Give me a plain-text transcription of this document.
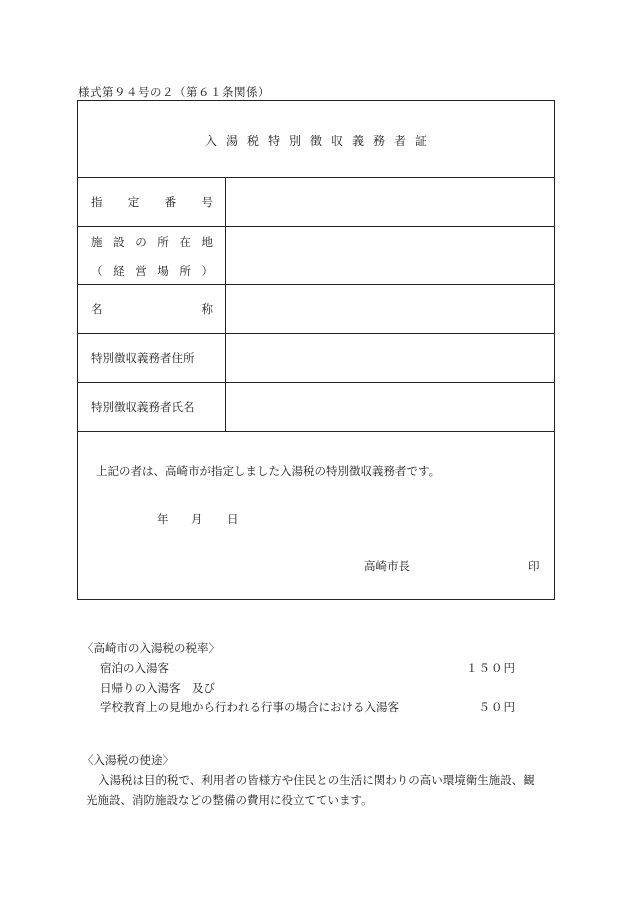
様式第９４号の２（第６１条関係）
入湯税特別徴収義務者証
指 定 番 号
施 設 の 所 在 地
（ 経 営 場 所 ）
名	称
特別徴収義務者住所
特別徴収義務者氏名
上記の者は、高崎市が指定しました入湯税の特別徴収義務者です。
年 月 日
高崎市長	印
〈高崎市の入湯税の税率〉
宿泊の入湯客	１５０円
日帰りの入湯客　及び
学校教育上の見地から行われる行事の場合における入湯客	５０円
〈入湯税の使途〉
入湯税は目的税で、利用者の皆様方や住民との生活に関わりの高い環境衛生施設、観
光施設、消防施設などの整備の費用に役立てています。
